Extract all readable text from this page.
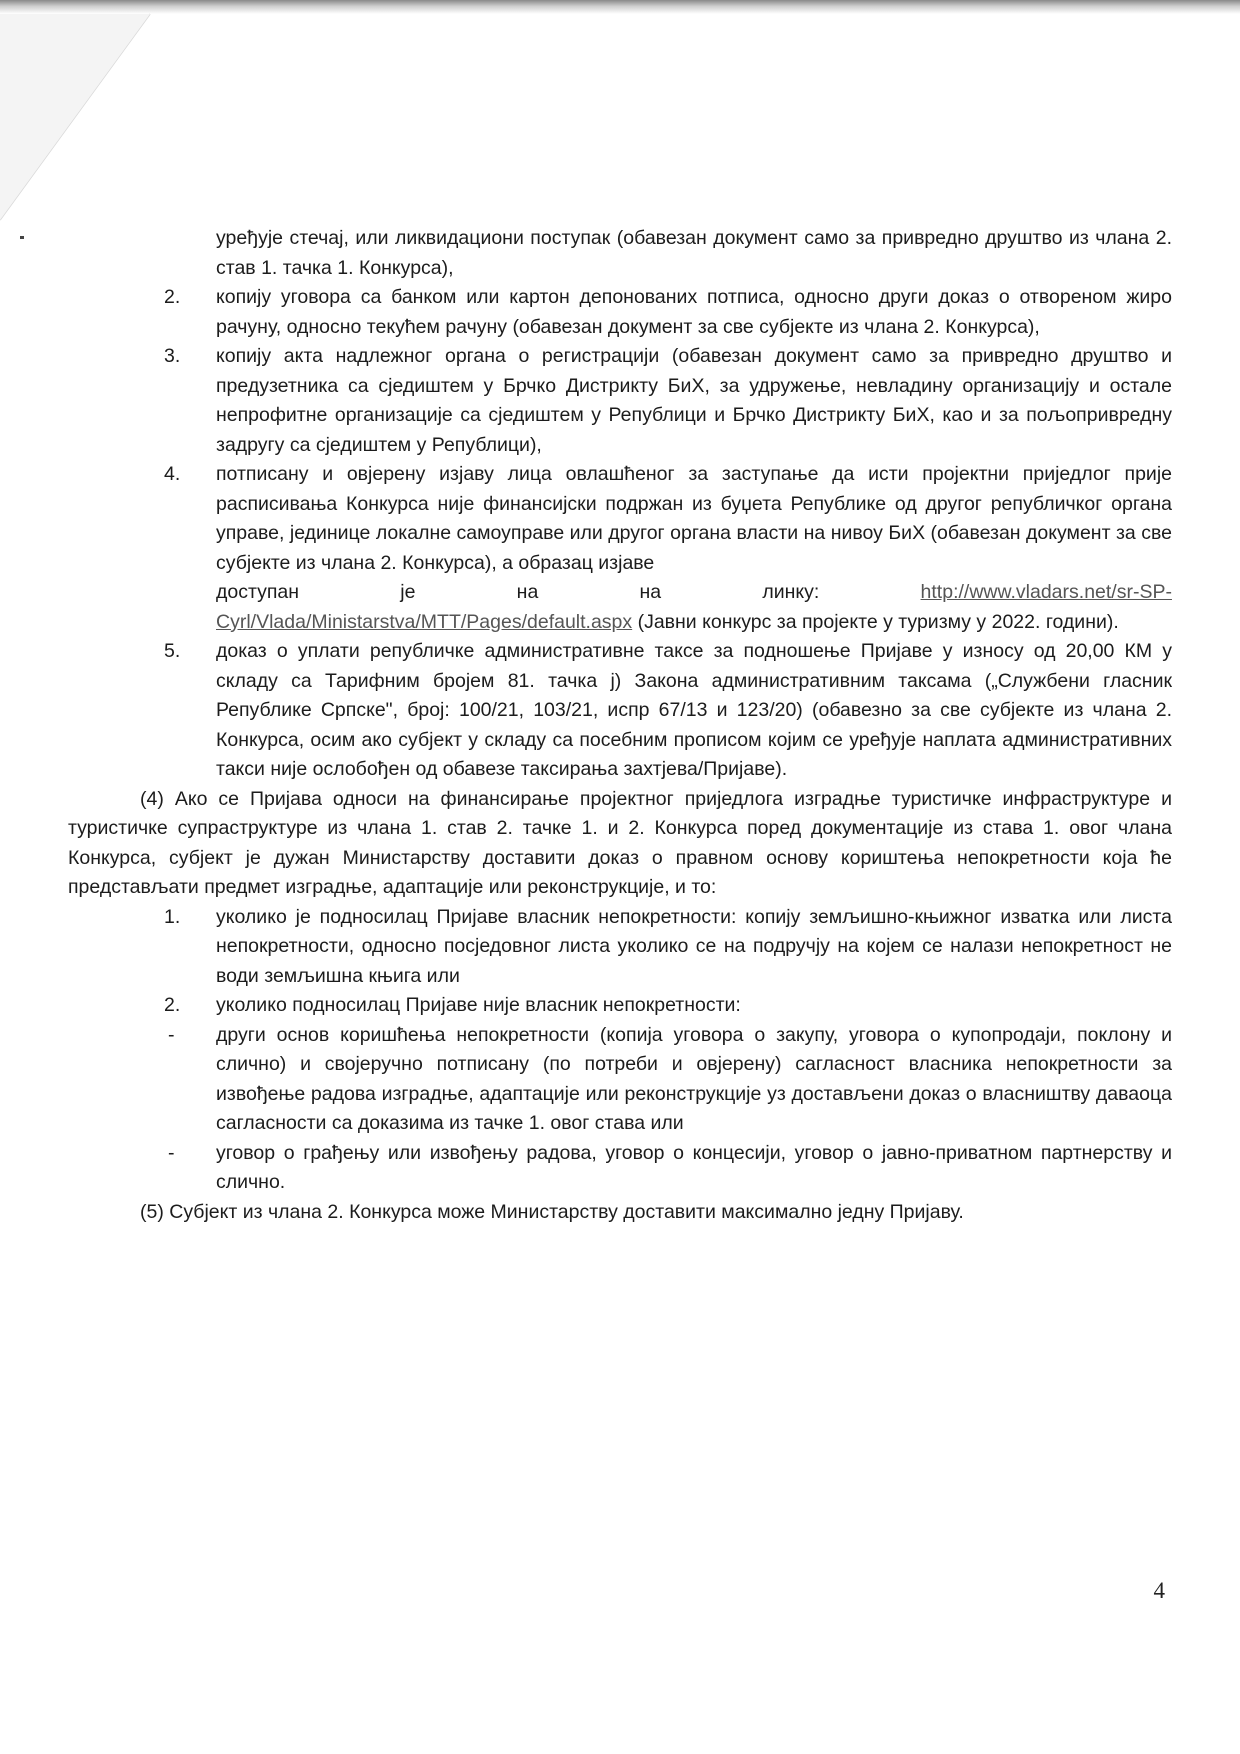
уређује стечај, или ликвидациони поступак (обавезан документ само за привредно друштво из члана 2. став 1. тачка 1. Конкурса),
2. копију уговора са банком или картон депонованих потписа, односно други доказ о отвореном жиро рачуну, односно текућем рачуну (обавезан документ за све субјекте из члана 2. Конкурса),
3. копију акта надлежног органа о регистрацији (обавезан документ само за привредно друштво и предузетника са сједиштем у Брчко Дистрикту БиХ, за удружење, невладину организацију и остале непрофитне организације са сједиштем у Републици и Брчко Дистрикту БиХ, као и за пољопривредну задругу са сједиштем у Републици),
4. потписану и овјерену изјаву лица овлашћеног за заступање да исти пројектни приједлог прије расписивања Конкурса није финансијски подржан из буџета Републике од другог републичког органа управе, јединице локалне самоуправе или другог органа власти на нивоу БиХ (обавезан документ за све субјекте из члана 2. Конкурса), а образац изјаве
доступан	је	на	на	линку:	http://www.vladars.net/sr-SP-
Cyrl/Vlada/Ministarstva/MTT/Pages/default.aspx (Јавни конкурс за пројекте у туризму у 2022. години).
5. доказ о уплати републичке административне таксе за подношење Пријаве у износу од 20,00 КМ у складу са Тарифним бројем 81. тачка ј) Закона административним таксама („Службени гласник Републике Српске", број: 100/21, 103/21, испр 67/13 и 123/20) (обавезно за све субјекте из члана 2. Конкурса, осим ако субјект у складу са посебним прописом којим се уређује наплата административних такси није ослобођен од обавезе таксирања захтјева/Пријаве).
(4) Ако се Пријава односи на финансирање пројектног приједлога изградње туристичке инфраструктуре и туристичке супраструктуре из члана 1. став 2. тачке 1. и 2. Конкурса поред документације из става 1. овог члана Конкурса, субјект је дужан Министарству доставити доказ о правном основу кориштења непокретности која ће представљати предмет изградње, адаптације или реконструкције, и то:
1. уколико је подносилац Пријаве власник непокретности: копију земљишно-књижног изватка или листа непокретности, односно посједовног листа уколико се на подручју на којем се налази непокретност не води земљишна књига или
2. уколико подносилац Пријаве није власник непокретности:
- други основ коришћења непокретности (копија уговора о закупу, уговора о купопродаји, поклону и слично) и својеручно потписану (по потреби и овјерену) сагласност власника непокретности за извођење радова изградње, адаптације или реконструкције уз достављени доказ о власништву даваоца сагласности са доказима из тачке 1. овог става или
- уговор о грађењу или извођењу радова, уговор о концесији, уговор о јавно-приватном партнерству и слично.
(5) Субјект из члана 2. Конкурса може Министарству доставити максимално једну Пријаву.
4
